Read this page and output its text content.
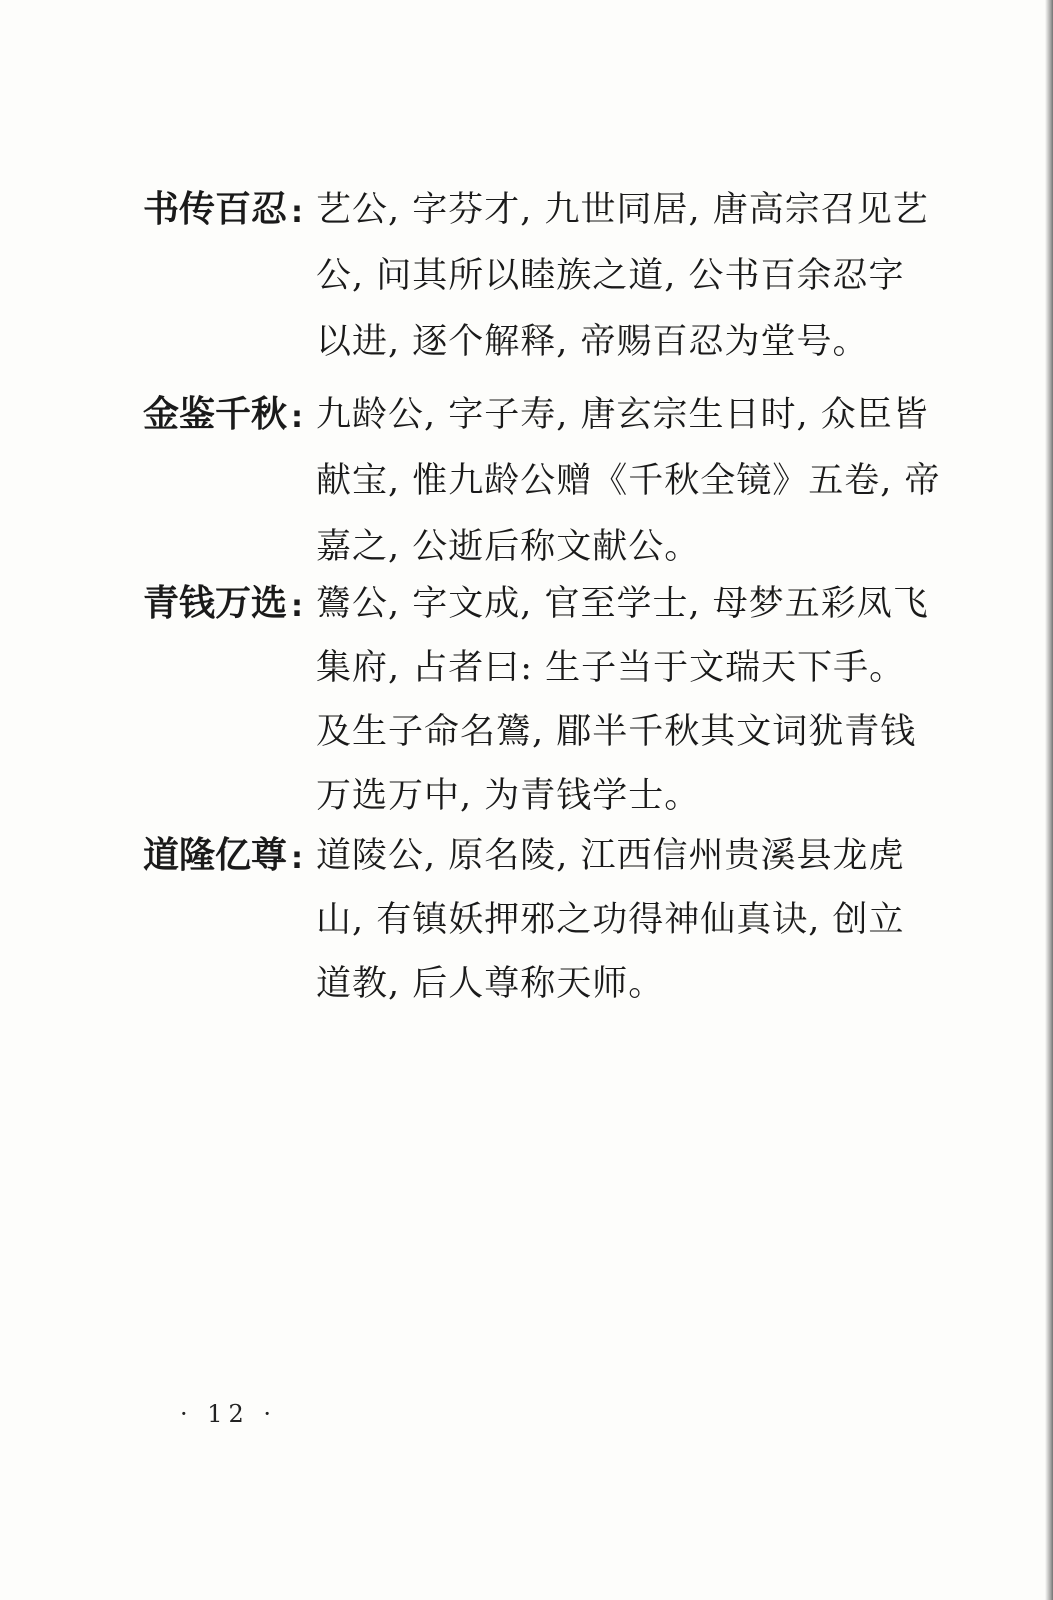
书传百忍 : 艺公, 字芬才, 九世同居, 唐高宗召见艺
公, 问其所以睦族之道, 公书百余忍字
以进, 逐个解释, 帝赐百忍为堂号。
金鉴千秋 : 九龄公, 字子寿, 唐玄宗生日时, 众臣皆
献宝, 惟九龄公赠《千秋全镜》五卷, 帝
嘉之, 公逝后称文献公。
青钱万选 : 鷟公, 字文成, 官至学士, 母梦五彩凤飞
集府, 占者曰: 生子当于文瑞天下手。
及生子命名鷟, 郿半千秋其文词犹青钱
万选万中, 为青钱学士。
道隆亿尊 : 道陵公, 原名陵, 江西信州贵溪县龙虎
山, 有镇妖押邪之功得神仙真诀, 创立
道教, 后人尊称天师。
· 12 ·
